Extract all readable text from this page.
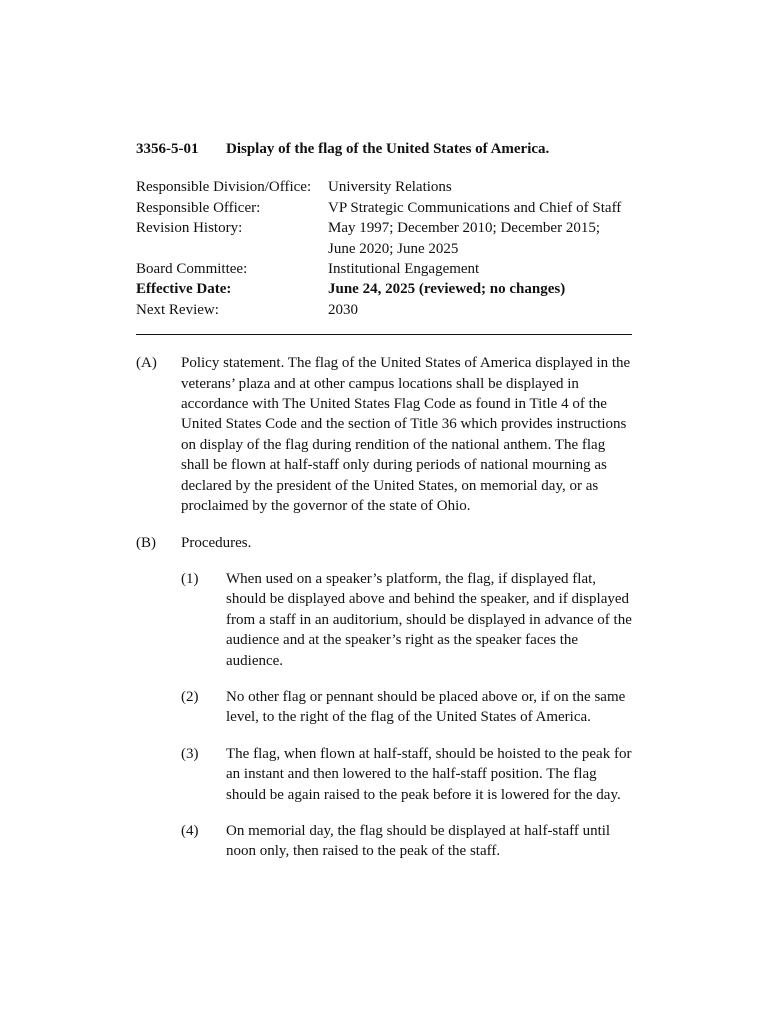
3356-5-01	Display of the flag of the United States of America.
Responsible Division/Office:	University Relations
Responsible Officer:	VP Strategic Communications and Chief of Staff
Revision History:	May 1997; December 2010; December 2015; June 2020; June 2025
Board Committee:	Institutional Engagement
Effective Date:	June 24, 2025 (reviewed; no changes)
Next Review:	2030
(A)	Policy statement. The flag of the United States of America displayed in the veterans’ plaza and at other campus locations shall be displayed in accordance with The United States Flag Code as found in Title 4 of the United States Code and the section of Title 36 which provides instructions on display of the flag during rendition of the national anthem. The flag shall be flown at half-staff only during periods of national mourning as declared by the president of the United States, on memorial day, or as proclaimed by the governor of the state of Ohio.
(B)	Procedures.
(1)	When used on a speaker’s platform, the flag, if displayed flat, should be displayed above and behind the speaker, and if displayed from a staff in an auditorium, should be displayed in advance of the audience and at the speaker’s right as the speaker faces the audience.
(2)	No other flag or pennant should be placed above or, if on the same level, to the right of the flag of the United States of America.
(3)	The flag, when flown at half-staff, should be hoisted to the peak for an instant and then lowered to the half-staff position. The flag should be again raised to the peak before it is lowered for the day.
(4)	On memorial day, the flag should be displayed at half-staff until noon only, then raised to the peak of the staff.
